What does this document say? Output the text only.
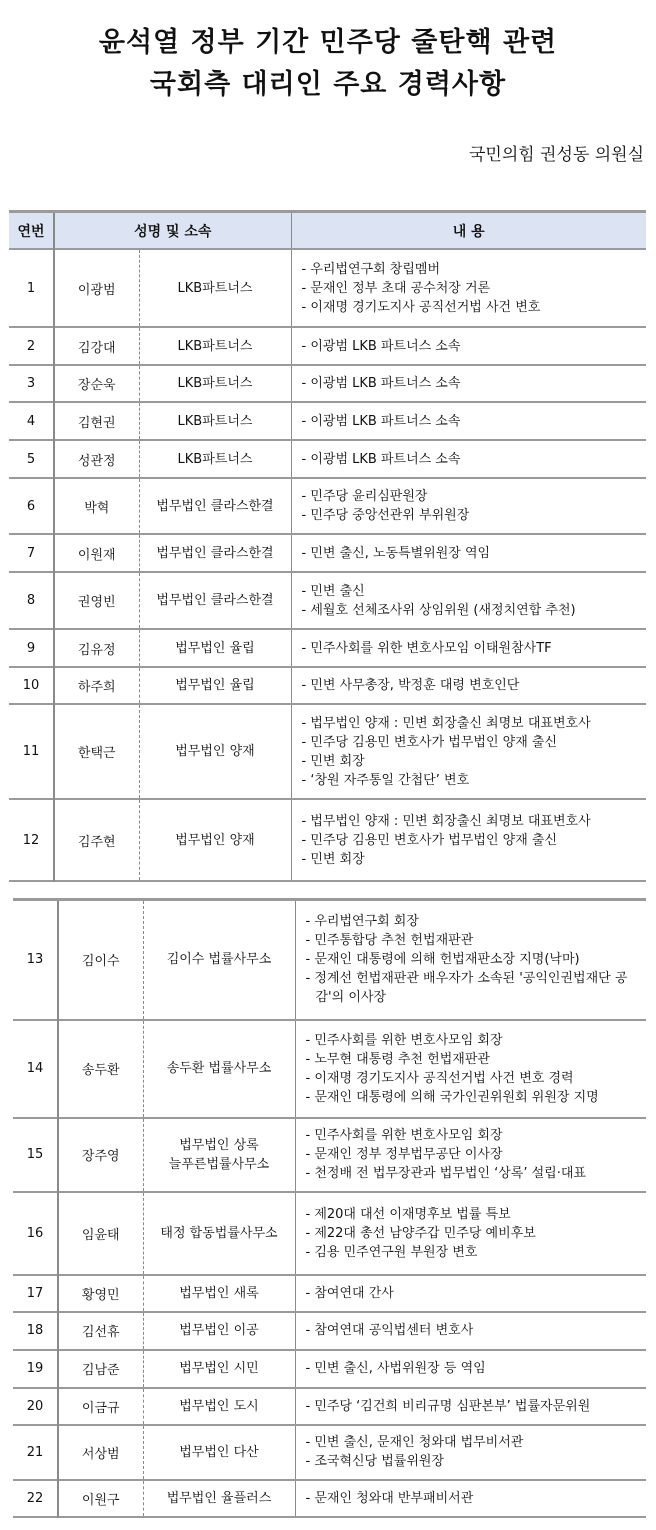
윤석열 정부 기간 민주당 줄탄핵 관련
국회측 대리인 주요 경력사항
국민의힘 권성동 의원실
연번	성명 및 소속		내 용
1	이광범	LKB파트너스	- 우리법연구회 창립멤버
- 문재인 정부 초대 공수처장 거론
- 이재명 경기도지사 공직선거법 사건 변호

2	김강대	LKB파트너스	- 이광범 LKB 파트너스 소속

3	장순욱	LKB파트너스	- 이광범 LKB 파트너스 소속

4	김현권	LKB파트너스	- 이광범 LKB 파트너스 소속

5	성관정	LKB파트너스	- 이광범 LKB 파트너스 소속

6	박혁	법무법인 클라스한결	- 민주당 윤리심판원장
- 민주당 중앙선관위 부위원장

7	이원재	법무법인 클라스한결	- 민변 출신, 노동특별위원장 역임

8	권영빈	법무법인 클라스한결	- 민변 출신
- 세월호 선체조사위 상임위원 (새정치연합 추천)

9	김유정	법무법인 율립	- 민주사회를 위한 변호사모임 이태원참사TF

10	하주희	법무법인 율립	- 민변 사무총장, 박정훈 대령 변호인단

11	한택근	법무법인 양재	- 법무법인 양재 : 민변 회장출신 최명보 대표변호사
- 민주당 김용민 변호사가 법무법인 양재 출신
- 민변 회장
- ‘창원 자주통일 간첩단’ 변호

12	김주현	법무법인 양재	- 법무법인 양재 : 민변 회장출신 최명보 대표변호사
- 민주당 김용민 변호사가 법무법인 양재 출신
- 민변 회장
13	김이수	김이수 법률사무소	- 우리법연구회 회장
- 민주통합당 추천 헌법재판관
- 문재인 대통령에 의해 헌법재판소장 지명(낙마)
- 정계선 헌법재판관 배우자가 소속된 '공익인권법재단 공감'의 이사장

14	송두환	송두환 법률사무소	- 민주사회를 위한 변호사모임 회장
- 노무현 대통령 추천 헌법재판관
- 이재명 경기도지사 공직선거법 사건 변호 경력
- 문재인 대통령에 의해 국가인권위원회 위원장 지명

15	장주영	법무법인 상록
늘푸른법률사무소	- 민주사회를 위한 변호사모임 회장
- 문재인 정부 정부법무공단 이사장
- 천정배 전 법무장관과 법무법인 ‘상록’ 설립·대표

16	임윤태	태정 합동법률사무소	- 제20대 대선 이재명후보 법률 특보
- 제22대 총선 남양주갑 민주당 예비후보
- 김용 민주연구원 부원장 변호

17	황영민	법무법인 새록	- 참여연대 간사

18	김선휴	법무법인 이공	- 참여연대 공익법센터 변호사

19	김남준	법무법인 시민	- 민변 출신, 사법위원장 등 역임

20	이금규	법무법인 도시	- 민주당 ‘김건희 비리규명 심판본부’ 법률자문위원

21	서상범	법무법인 다산	- 민변 출신, 문재인 청와대 법무비서관
- 조국혁신당 법률위원장

22	이원구	법무법인 율플러스	- 문재인 청와대 반부패비서관
